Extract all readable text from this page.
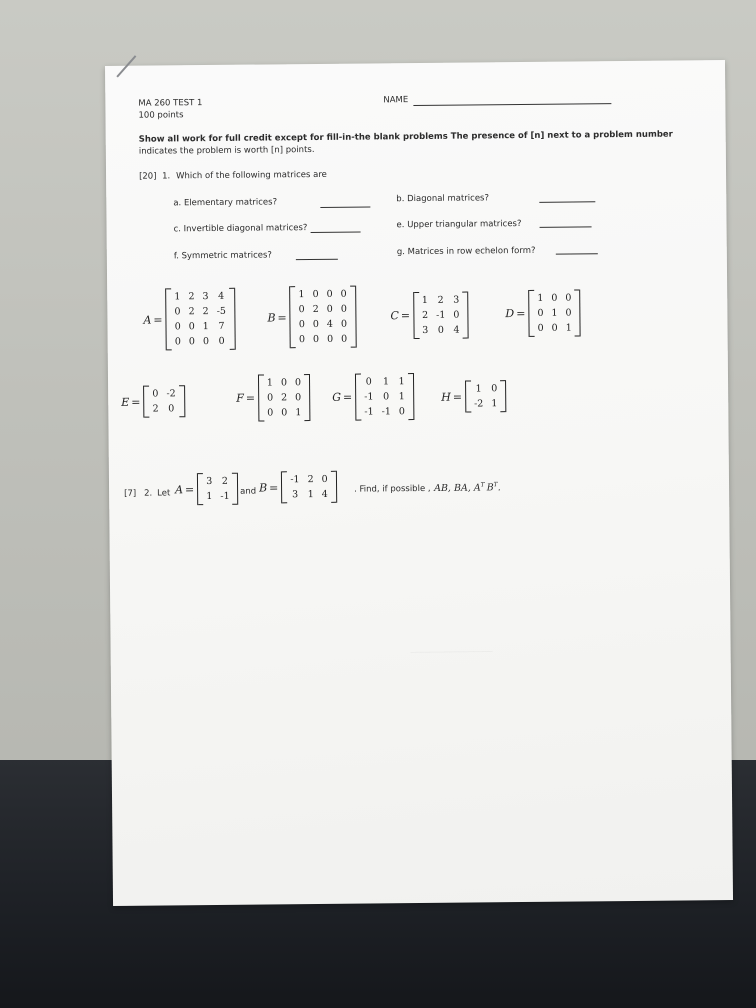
─────────────────
MA 260 TEST 1
100 points
NAME
Show all work for full credit except for fill-in-the blank problems The presence of [n] next to a problem number
indicates the problem is worth [n] points.
[20] 1. Which of the following matrices are
a. Elementary matrices?	b. Diagonal matrices?
c. Invertible diagonal matrices?	e. Upper triangular matrices?
f. Symmetric matrices?	g. Matrices in row echelon form?
A =
1 2 3	4
0 2 2 -5
0 0 1	7
0 0 0	0
B =
1 0 0 0
0 2 0 0
0 0 4 0
0 0 0 0
C =
1	2	3
2 -1 0
3	0	4
D =
1 0 0
0 1 0
0 0 1
E =
0 -2
2	0
F =
1 0 0
0 2 0
0 0 1
G =
0	1	1
-1	0	1
-1 -1 0
H =
1	0
-2 1
[7] 2. Let A =
3	2
1 -1	and B =
-1 2 0
3	1 4	. Find, if possible , AB, BA, $A^T$ $B^T$.
